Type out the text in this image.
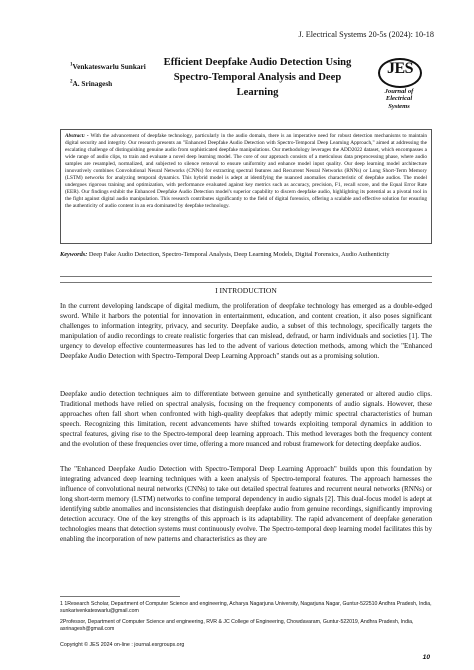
J. Electrical Systems 20-5s (2024): 10-18
$^1$Venkateswarlu Sunkari
$^2$A. Srinagesh
Efficient Deepfake Audio Detection Using Spectro-Temporal Analysis and Deep Learning
JES
Journal of
Electrical
Systems
Abstract: - With the advancement of deepfake technology, particularly in the audio domain, there is an imperative need for robust detection mechanisms to maintain digital security and integrity. Our research presents an "Enhanced Deepfake Audio Detection with Spectro-Temporal Deep Learning Approach," aimed at addressing the escalating challenge of distinguishing genuine audio from sophisticated deepfake manipulations. Our methodology leverages the ADD2022 dataset, which encompasses a wide range of audio clips, to train and evaluate a novel deep learning model. The core of our approach consists of a meticulous data preprocessing phase, where audio samples are resampled, normalized, and subjected to silence removal to ensure uniformity and enhance model input quality. Our deep learning model architecture innovatively combines Convolutional Neural Networks (CNNs) for extracting spectral features and Recurrent Neural Networks (RNNs) or Long Short-Term Memory (LSTM) networks for analyzing temporal dynamics. This hybrid model is adept at identifying the nuanced anomalies characteristic of deepfake audios. The model undergoes rigorous training and optimization, with performance evaluated against key metrics such as accuracy, precision, F1, recall score, and the Equal Error Rate (EER). Our findings exhibit the Enhanced Deepfake Audio Detection model's superior capability to discern deepfake audio, highlighting its potential as a pivotal tool in the fight against digital audio manipulation. This research contributes significantly to the field of digital forensics, offering a scalable and effective solution for ensuring the authenticity of audio content in an era dominated by deepfake technology.
Keywords: Deep Fake Audio Detection, Spectro-Temporal Analysis, Deep Learning Models, Digital Forensics, Audio Authenticity
I INTRODUCTION
In the current developing landscape of digital medium, the proliferation of deepfake technology has emerged as a double-edged sword. While it harbors the potential for innovation in entertainment, education, and content creation, it also poses significant challenges to information integrity, privacy, and security. Deepfake audio, a subset of this technology, specifically targets the manipulation of audio recordings to create realistic forgeries that can mislead, defraud, or harm individuals and societies [1]. The urgency to develop effective countermeasures has led to the advent of various detection methods, among which the "Enhanced Deepfake Audio Detection with Spectro-Temporal Deep Learning Approach" stands out as a promising solution.
Deepfake audio detection techniques aim to differentiate between genuine and synthetically generated or altered audio clips. Traditional methods have relied on spectral analysis, focusing on the frequency components of audio signals. However, these approaches often fall short when confronted with high-quality deepfakes that adeptly mimic spectral characteristics of human speech. Recognizing this limitation, recent advancements have shifted towards exploiting temporal dynamics in addition to spectral features, giving rise to the Spectro-temporal deep learning approach. This method leverages both the frequency content and the evolution of these frequencies over time, offering a more nuanced and robust framework for detecting deepfake audios.
The "Enhanced Deepfake Audio Detection with Spectro-Temporal Deep Learning Approach" builds upon this foundation by integrating advanced deep learning techniques with a keen analysis of Spectro-temporal features. The approach harnesses the influence of convolutional neural networks (CNNs) to take out detailed spectral features and recurrent neural networks (RNNs) or long short-term memory (LSTM) networks to confine temporal dependency in audio signals [2]. This dual-focus model is adept at identifying subtle anomalies and inconsistencies that distinguish deepfake audio from genuine recordings, significantly improving detection accuracy. One of the key strengths of this approach is its adaptability. The rapid advancement of deepfake generation technologies means that detection systems must continuously evolve. The Spectro-temporal deep learning model facilitates this by enabling the incorporation of new patterns and characteristics as they are

1 1Research Scholar, Department of Computer Science and engineering, Acharya Nagarjuna University, Nagarjuna Nagar, Guntur-522510 Andhra Pradesh, India, sunkarivenkateswarlu@gmail.com

2Professor, Department of Computer Science and engineering, RVR & JC College of Engineering, Chowdavaram, Guntur-522019, Andhra Pradesh, India, asrinagesh@gmail.com

Copyright © JES 2024 on-line : journal.esrgroups.org
10
